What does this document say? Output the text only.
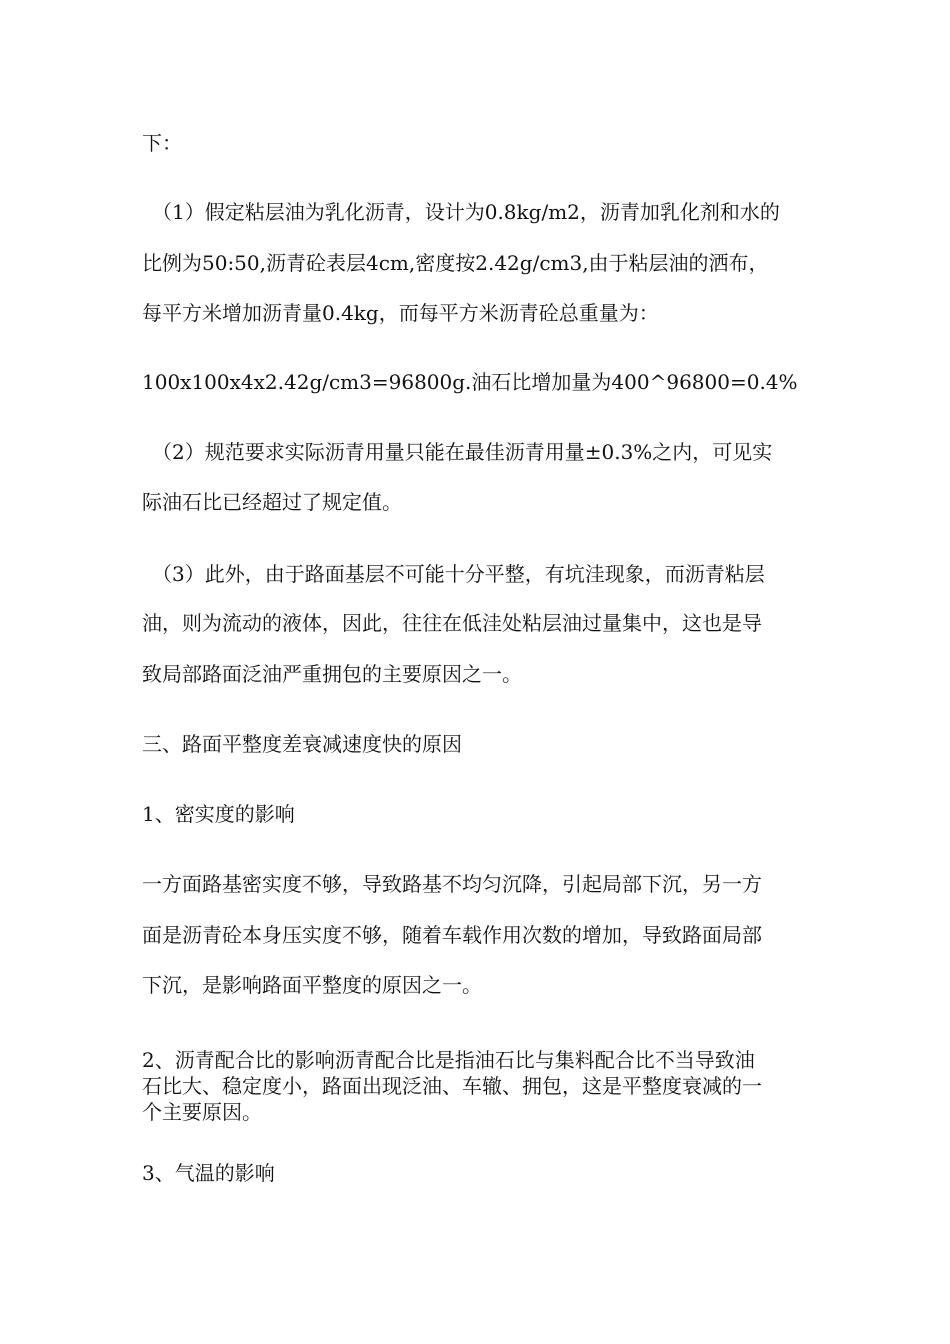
下：
（1）假定粘层油为乳化沥青，设计为0.8kg/m2，沥青加乳化剂和水的
比例为50:50,沥青砼表层4cm,密度按2.42g/cm3,由于粘层油的洒布，
每平方米增加沥青量0.4kg，而每平方米沥青砼总重量为：
100x100x4x2.42g/cm3=96800g.油石比增加量为400^96800=0.4%
（2）规范要求实际沥青用量只能在最佳沥青用量±0.3%之内，可见实
际油石比已经超过了规定值。
（3）此外，由于路面基层不可能十分平整，有坑洼现象，而沥青粘层
油，则为流动的液体，因此，往往在低洼处粘层油过量集中，这也是导
致局部路面泛油严重拥包的主要原因之一。
三、路面平整度差衰减速度快的原因
1、密实度的影响
一方面路基密实度不够，导致路基不均匀沉降，引起局部下沉，另一方
面是沥青砼本身压实度不够，随着车载作用次数的增加，导致路面局部
下沉，是影响路面平整度的原因之一。
2、沥青配合比的影响沥青配合比是指油石比与集料配合比不当导致油
石比大、稳定度小，路面出现泛油、车辙、拥包，这是平整度衰减的一
个主要原因。
3、气温的影响
